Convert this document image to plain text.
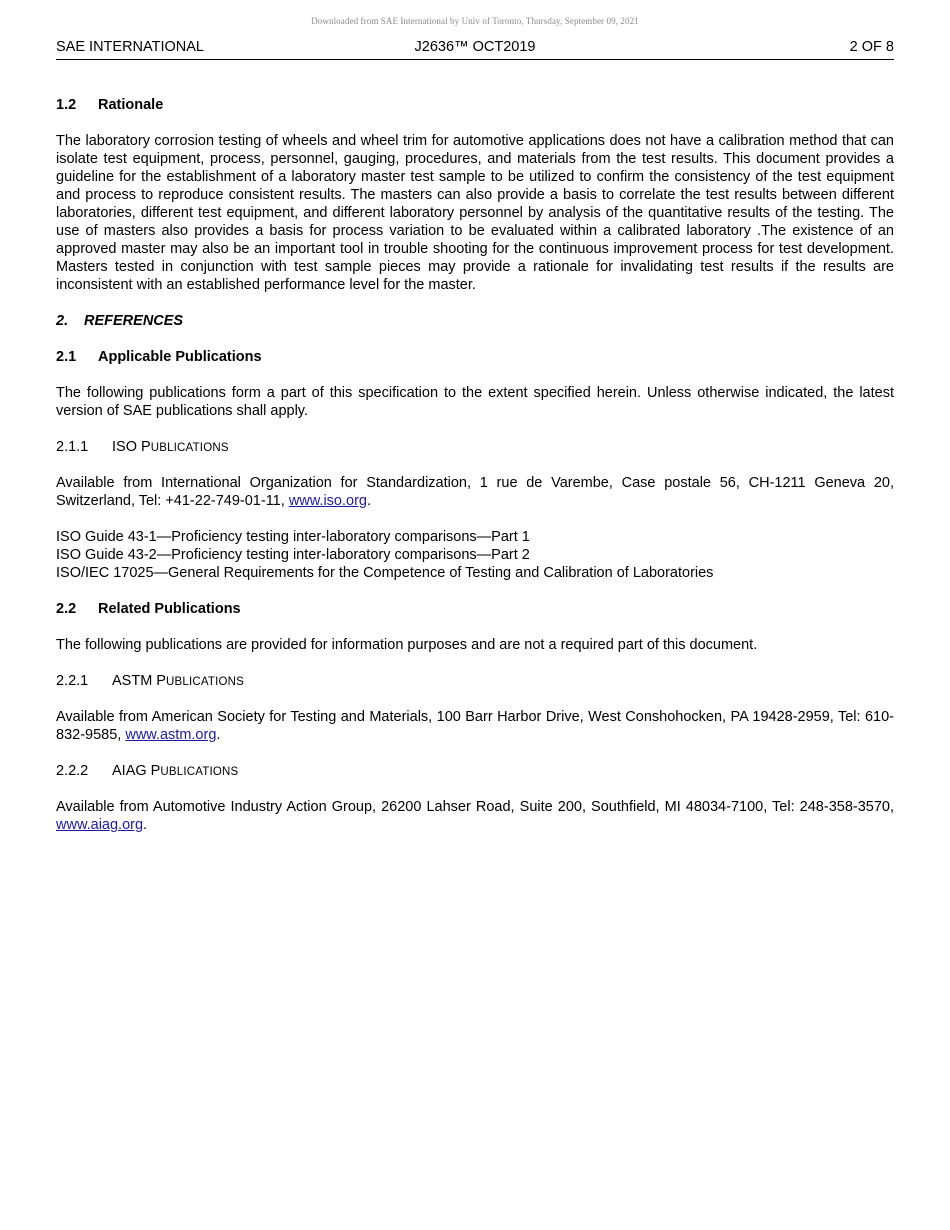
Downloaded from SAE International by Univ of Toronto, Thursday, September 09, 2021
J2636™ OCT2019
SAE INTERNATIONAL	2 OF 8
1.2 Rationale

The laboratory corrosion testing of wheels and wheel trim for automotive applications does not have a calibration method that can isolate test equipment, process, personnel, gauging, procedures, and materials from the test results. This document provides a guideline for the establishment of a laboratory master test sample to be utilized to confirm the consistency of the test equipment and process to reproduce consistent results. The masters can also provide a basis to correlate the test results between different laboratories, different test equipment, and different laboratory personnel by analysis of the quantitative results of the testing. The use of masters also provides a basis for process variation to be evaluated within a calibrated laboratory .The existence of an approved master may also be an important tool in trouble shooting for the continuous improvement process for test development. Masters tested in conjunction with test sample pieces may provide a rationale for invalidating test results if the results are inconsistent with an established performance level for the master.

2. REFERENCES
2.1 Applicable Publications

The following publications form a part of this specification to the extent specified herein. Unless otherwise indicated, the latest version of SAE publications shall apply.

2.1.1 ISO PUBLICATIONS

Available from International Organization for Standardization, 1 rue de Varembe, Case postale 56, CH-1211 Geneva 20, Switzerland, Tel: +41-22-749-01-11, www.iso.org.

ISO Guide 43-1—Proficiency testing inter-laboratory comparisons—Part 1
ISO Guide 43-2—Proficiency testing inter-laboratory comparisons—Part 2
ISO/IEC 17025—General Requirements for the Competence of Testing and Calibration of Laboratories
2.2 Related Publications

The following publications are provided for information purposes and are not a required part of this document.

2.2.1 ASTM PUBLICATIONS

Available from American Society for Testing and Materials, 100 Barr Harbor Drive, West Conshohocken, PA 19428-2959, Tel: 610-832-9585, www.astm.org.

2.2.2 AIAG PUBLICATIONS

Available from Automotive Industry Action Group, 26200 Lahser Road, Suite 200, Southfield, MI 48034-7100, Tel: 248-358-3570, www.aiag.org.
